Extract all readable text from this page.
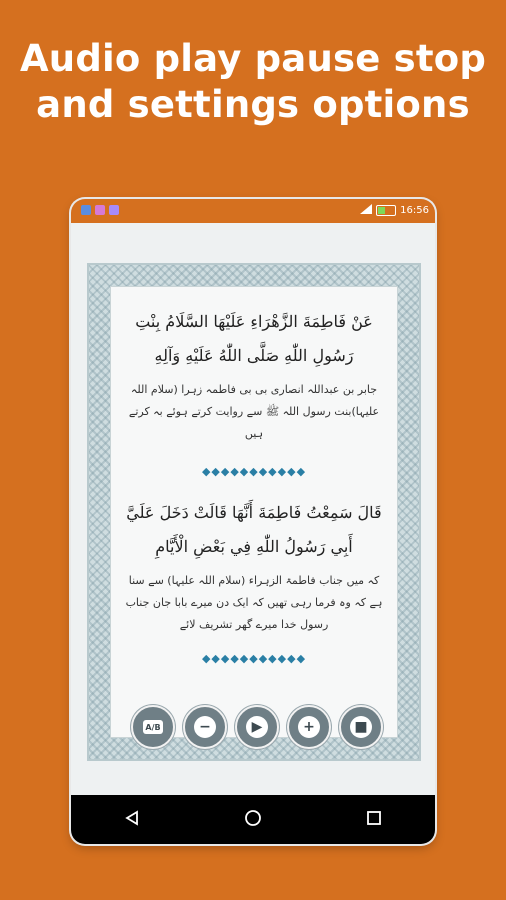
Audio play pause stop
and settings options
16:56
عَنْ فَاطِمَةَ الزَّهْرَاءِ عَلَيْهَا السَّلَامُ بِنْتِ
رَسُولِ اللّٰهِ صَلَّى اللّٰهُ عَلَيْهِ وَآلِهِ
جابر بن عبداللہ انصاری بی بی فاطمہ زہرا (سلام اللہ علیہا)بنت رسول اللہ ﷺ سے روایت کرتے ہوئے بہ کرتے ہیں
◆◆◆◆◆◆◆◆◆◆◆
قَالَ سَمِعْتُ فَاطِمَةَ أَنَّهَا قَالَتْ دَخَلَ عَلَيَّ
أَبِي رَسُولُ اللّٰهِ فِي بَعْضِ الْأَيَّامِ
کہ میں جناب فاطمۃ الزہراء (سلام اللہ علیہا) سے سنا ہے کہ وہ فرما رہی تھیں کہ ایک دن میرے بابا جان جناب رسول خدا میرے گھر تشریف لائے
◆◆◆◆◆◆◆◆◆◆◆
A/B	−	▶	+	■
